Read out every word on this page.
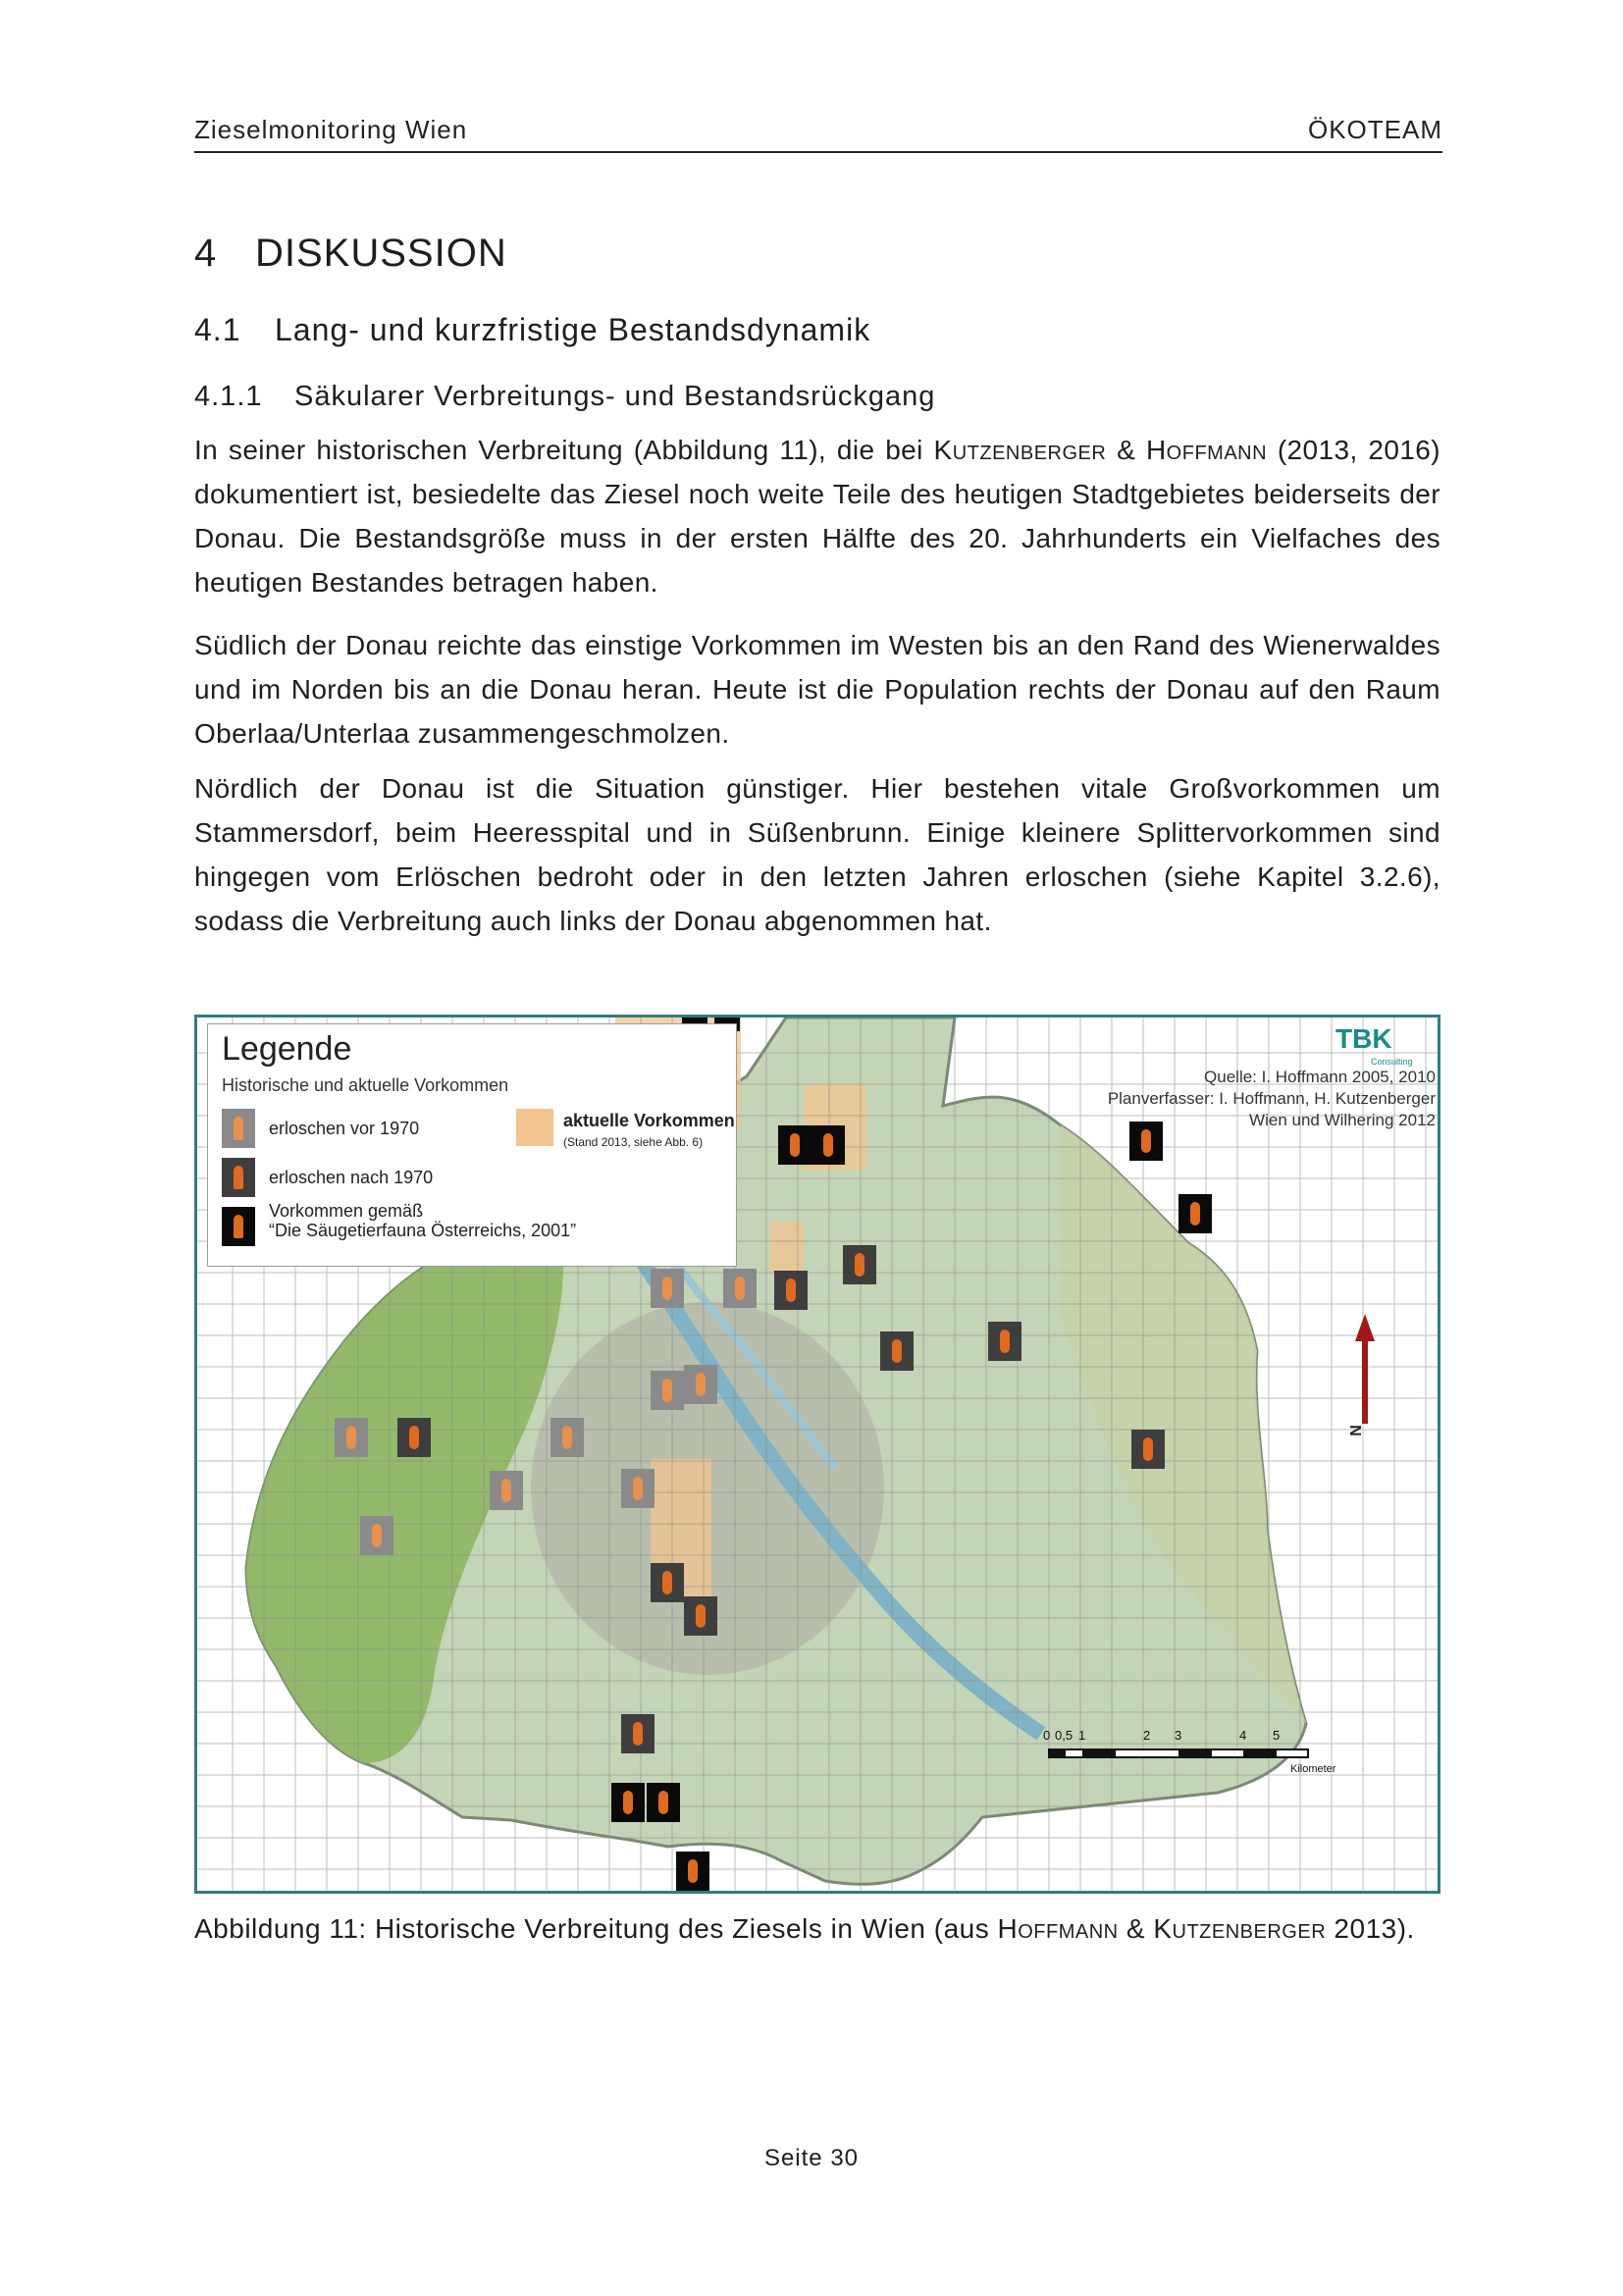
Zieselmonitoring Wien	ÖKOTEAM
4 DISKUSSION
4.1 Lang- und kurzfristige Bestandsdynamik
4.1.1 Säkularer Verbreitungs- und Bestandsrückgang

In seiner historischen Verbreitung (Abbildung 11), die bei Kutzenberger & Hoffmann (2013, 2016) dokumentiert ist, besiedelte das Ziesel noch weite Teile des heutigen Stadtgebietes beiderseits der Donau. Die Bestandsgröße muss in der ersten Hälfte des 20. Jahrhunderts ein Vielfaches des heutigen Bestandes betragen haben.

Südlich der Donau reichte das einstige Vorkommen im Westen bis an den Rand des Wienerwaldes und im Norden bis an die Donau heran. Heute ist die Population rechts der Donau auf den Raum Oberlaa/Unterlaa zusammengeschmolzen.

Nördlich der Donau ist die Situation günstiger. Hier bestehen vitale Großvorkommen um Stammersdorf, beim Heeresspital und in Süßenbrunn. Einige kleinere Splittervorkommen sind hingegen vom Erlöschen bedroht oder in den letzten Jahren erloschen (siehe Kapitel 3.2.6), sodass die Verbreitung auch links der Donau abgenommen hat.

Legende
Historische und aktuelle Vorkommen
erloschen vor 1970
erloschen nach 1970
Vorkommen gemäß
“Die Säugetierfauna Österreichs, 2001”
aktuelle Vorkommen
(Stand 2013, siehe Abb. 6)
TBK
Consulting
Quelle: I. Hoffmann 2005, 2010
Planverfasser: I. Hoffmann, H. Kutzenberger
Wien und Wilhering 2012
N
0 0,5 1	2 3	4 5
Kilometer
Abbildung 11: Historische Verbreitung des Ziesels in Wien (aus Hoffmann & Kutzenberger 2013).
Seite 30
